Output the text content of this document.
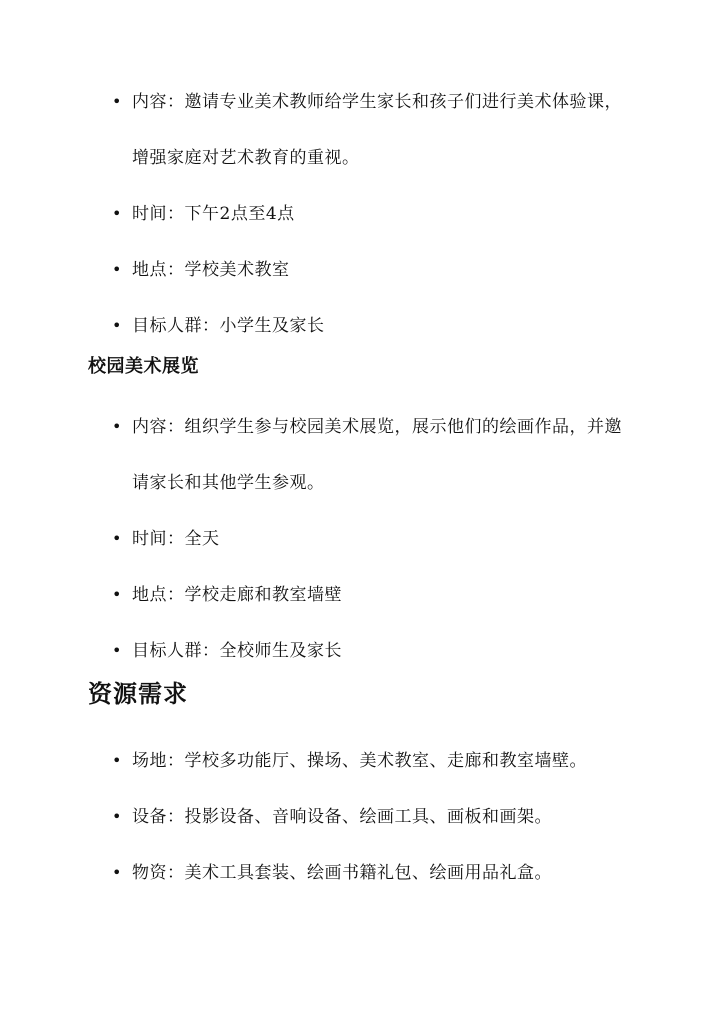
• 内容：邀请专业美术教师给学生家长和孩子们进行美术体验课，增强家庭对艺术教育的重视。
• 时间：下午2点至4点
• 地点：学校美术教室
• 目标人群：小学生及家长
校园美术展览
• 内容：组织学生参与校园美术展览，展示他们的绘画作品，并邀请家长和其他学生参观。
• 时间：全天
• 地点：学校走廊和教室墙壁
• 目标人群：全校师生及家长
资源需求
• 场地：学校多功能厅、操场、美术教室、走廊和教室墙壁。
• 设备：投影设备、音响设备、绘画工具、画板和画架。
• 物资：美术工具套装、绘画书籍礼包、绘画用品礼盒。
